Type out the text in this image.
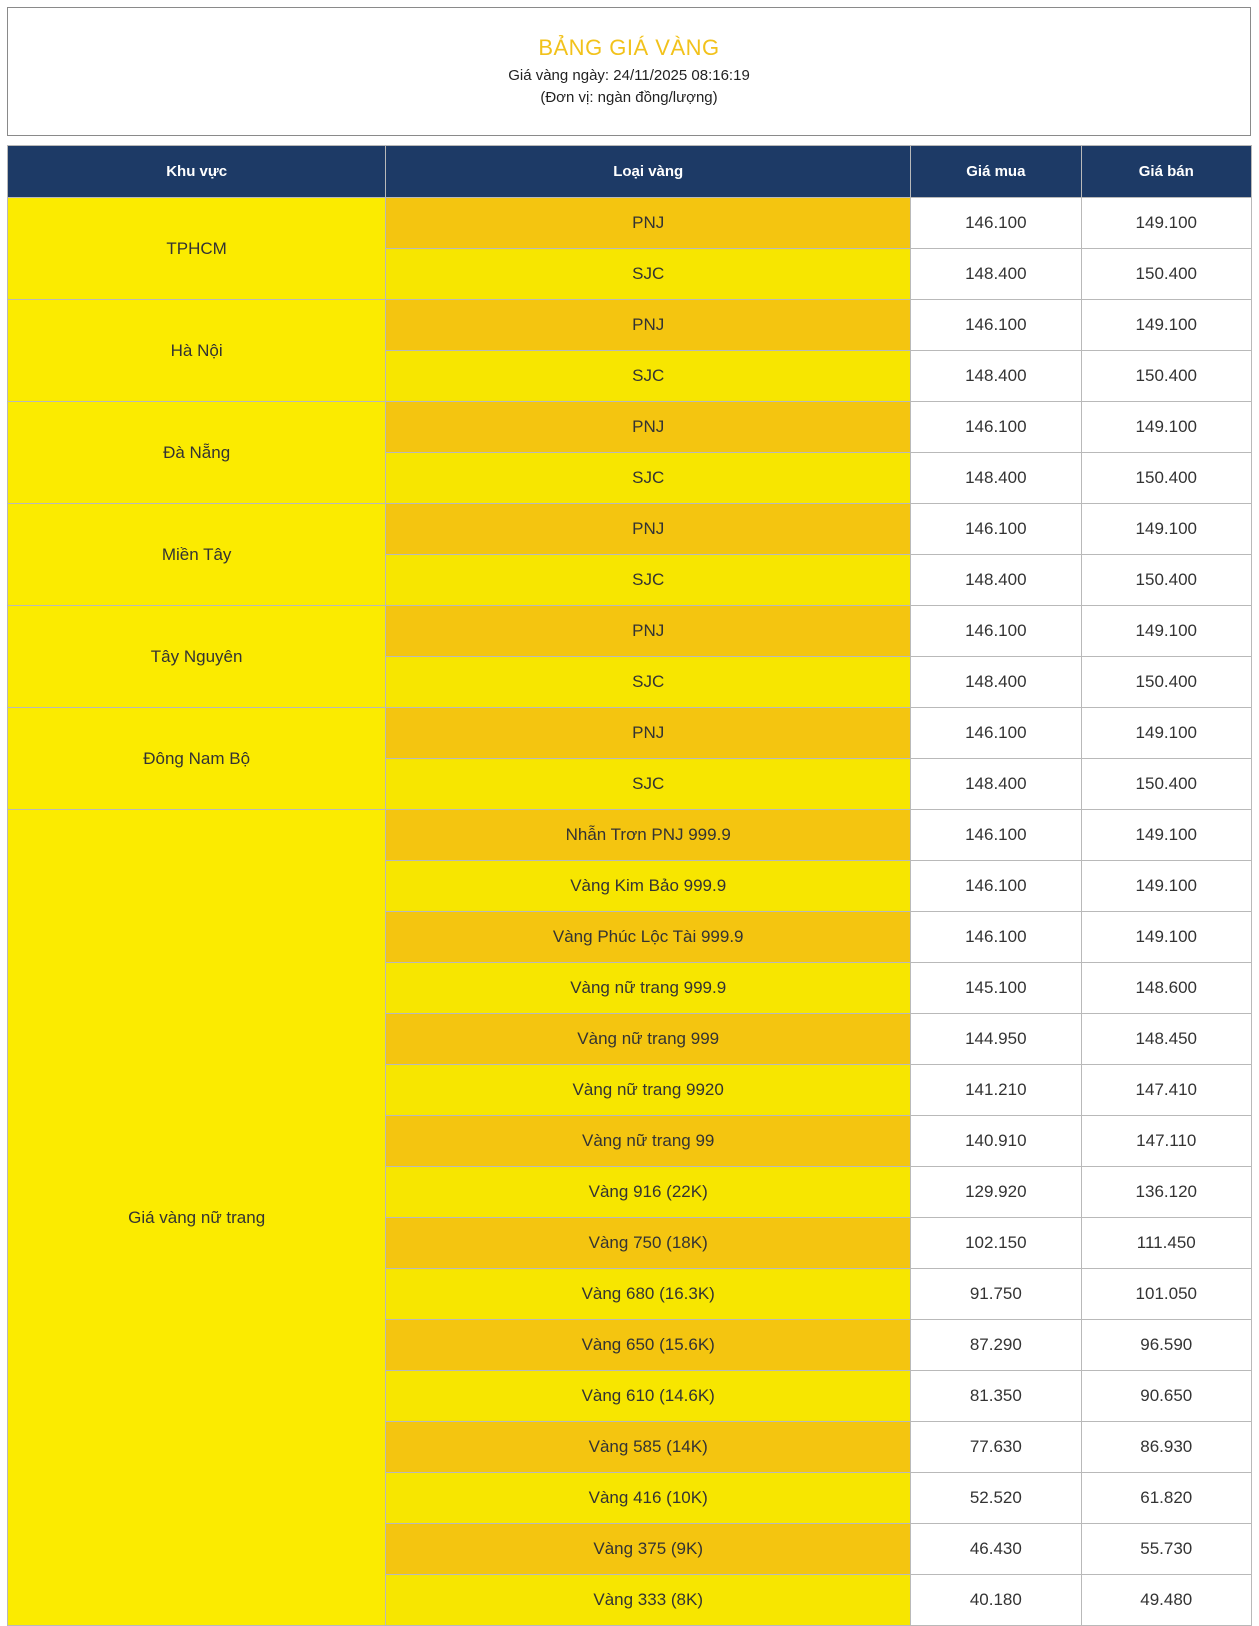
BẢNG GIÁ VÀNG
Giá vàng ngày: 24/11/2025 08:16:19
(Đơn vị: ngàn đồng/lượng)
Khu vực	Loại vàng	Giá mua	Giá bán
TPHCM	PNJ	146.100	149.100
	SJC	148.400	150.400
Hà Nội	PNJ	146.100	149.100
	SJC	148.400	150.400
Đà Nẵng	PNJ	146.100	149.100
	SJC	148.400	150.400
Miền Tây	PNJ	146.100	149.100
	SJC	148.400	150.400
Tây Nguyên	PNJ	146.100	149.100
	SJC	148.400	150.400
Đông Nam Bộ	PNJ	146.100	149.100
	SJC	148.400	150.400
Giá vàng nữ trang	Nhẫn Trơn PNJ 999.9	146.100	149.100
	Vàng Kim Bảo 999.9	146.100	149.100
	Vàng Phúc Lộc Tài 999.9	146.100	149.100
	Vàng nữ trang 999.9	145.100	148.600
	Vàng nữ trang 999	144.950	148.450
	Vàng nữ trang 9920	141.210	147.410
	Vàng nữ trang 99	140.910	147.110
	Vàng 916 (22K)	129.920	136.120
	Vàng 750 (18K)	102.150	111.450
	Vàng 680 (16.3K)	91.750	101.050
	Vàng 650 (15.6K)	87.290	96.590
	Vàng 610 (14.6K)	81.350	90.650
	Vàng 585 (14K)	77.630	86.930
	Vàng 416 (10K)	52.520	61.820
	Vàng 375 (9K)	46.430	55.730
	Vàng 333 (8K)	40.180	49.480
